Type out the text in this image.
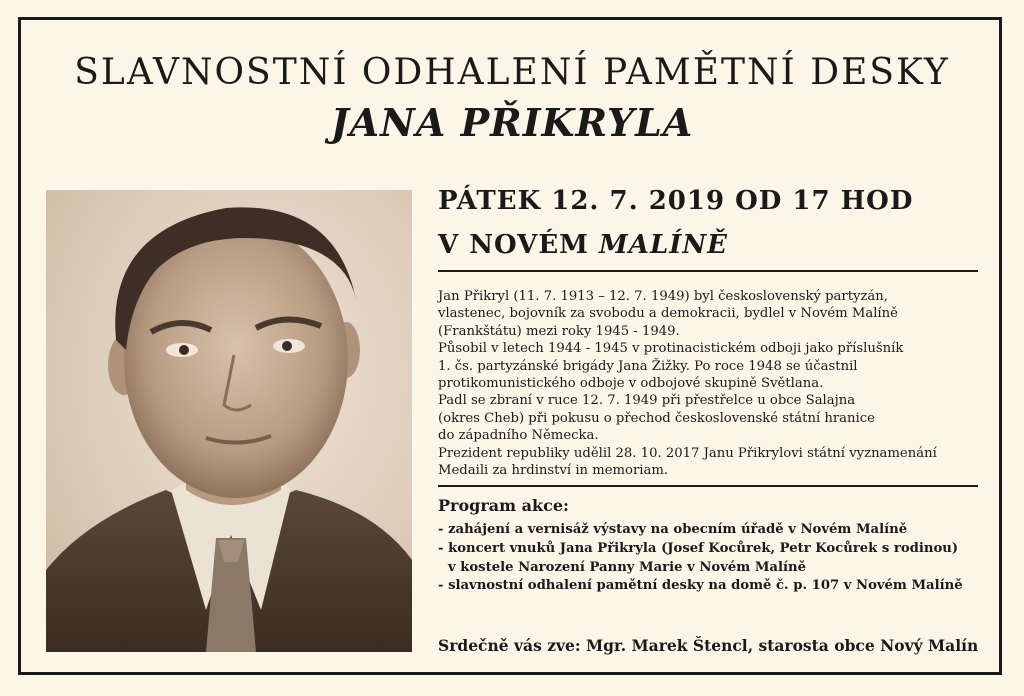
SLAVNOSTNÍ ODHALENÍ PAMĚTNÍ DESKY
JANA PŘIKRYLA
PÁTEK 12. 7. 2019 OD 17 HOD
V NOVÉM MALÍNĚ
Jan Přikryl (11. 7. 1913 – 12. 7. 1949) byl československý partyzán,
vlastenec, bojovník za svobodu a demokracii, bydlel v Novém Malíně
(Frankštátu) mezi roky 1945 - 1949.
Působil v letech 1944 - 1945 v protinacistickém odboji jako příslušník
1. čs. partyzánské brigády Jana Žižky. Po roce 1948 se účastnil
protikomunistického odboje v odbojové skupině Světlana.
Padl se zbraní v ruce 12. 7. 1949 při přestřelce u obce Salajna
(okres Cheb) při pokusu o přechod československé státní hranice
do západního Německa.
Prezident republiky udělil 28. 10. 2017 Janu Přikrylovi státní vyznamenání
Medaili za hrdinství in memoriam.
Program akce:
- zahájení a vernisáž výstavy na obecním úřadě v Novém Malíně
- koncert vnuků Jana Přikryla (Josef Kocůrek, Petr Kocůrek s rodinou)
v kostele Narození Panny Marie v Novém Malíně
- slavnostní odhalení pamětní desky na domě č. p. 107 v Novém Malíně
Srdečně vás zve: Mgr. Marek Štencl, starosta obce Nový Malín
